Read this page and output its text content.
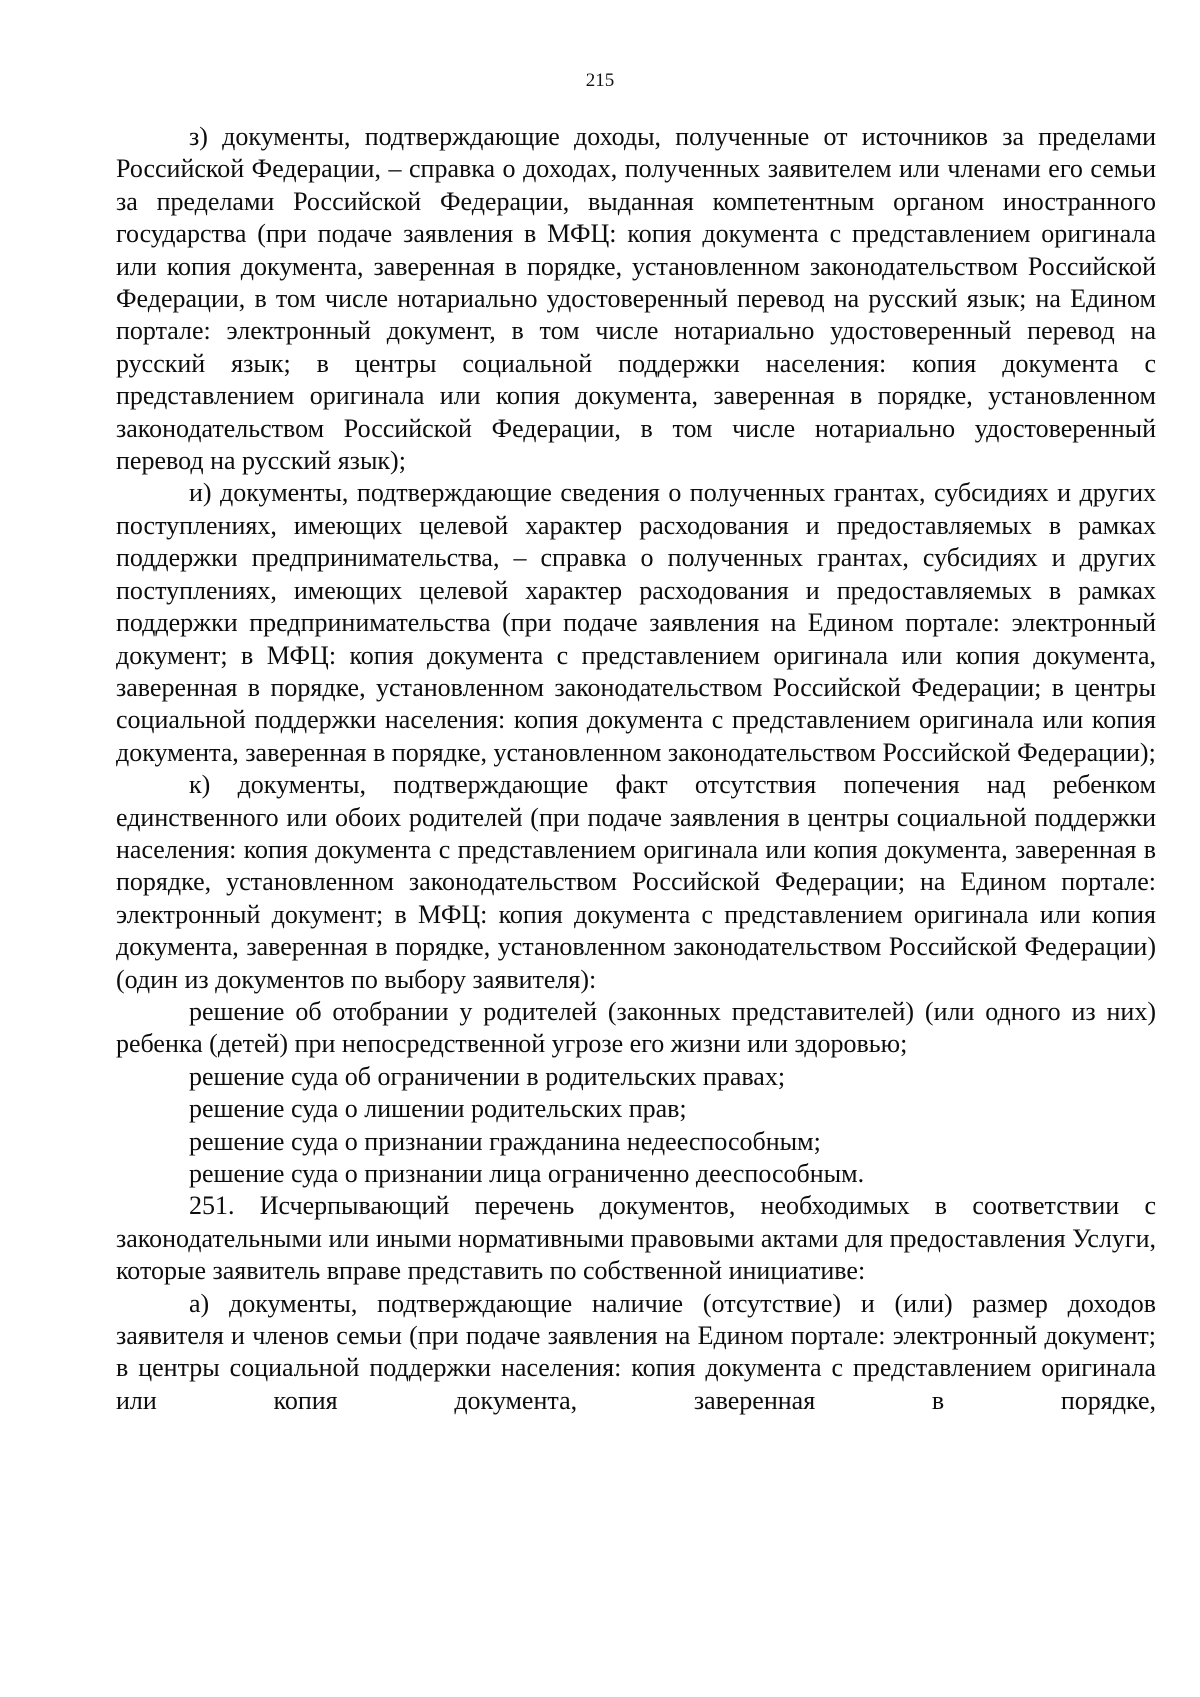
215

з) документы, подтверждающие доходы, полученные от источников за пределами Российской Федерации, – справка о доходах, полученных заявителем или членами его семьи за пределами Российской Федерации, выданная компетентным органом иностранного государства (при подаче заявления в МФЦ: копия документа с представлением оригинала или копия документа, заверенная в порядке, установленном законодательством Российской Федерации, в том числе нотариально удостоверенный перевод на русский язык; на Едином портале: электронный документ, в том числе нотариально удостоверенный перевод на русский язык; в центры социальной поддержки населения: копия документа с представлением оригинала или копия документа, заверенная в порядке, установленном законодательством Российской Федерации, в том числе нотариально удостоверенный перевод на русский язык);

и) документы, подтверждающие сведения о полученных грантах, субсидиях и других поступлениях, имеющих целевой характер расходования и предоставляемых в рамках поддержки предпринимательства, – справка о полученных грантах, субсидиях и других поступлениях, имеющих целевой характер расходования и предоставляемых в рамках поддержки предпринимательства (при подаче заявления на Едином портале: электронный документ; в МФЦ: копия документа с представлением оригинала или копия документа, заверенная в порядке, установленном законодательством Российской Федерации; в центры социальной поддержки населения: копия документа с представлением оригинала или копия документа, заверенная в порядке, установленном законодательством Российской Федерации);

к) документы, подтверждающие факт отсутствия попечения над ребенком единственного или обоих родителей (при подаче заявления в центры социальной поддержки населения: копия документа с представлением оригинала или копия документа, заверенная в порядке, установленном законодательством Российской Федерации; на Едином портале: электронный документ; в МФЦ: копия документа с представлением оригинала или копия документа, заверенная в порядке, установленном законодательством Российской Федерации) (один из документов по выбору заявителя):

решение об отобрании у родителей (законных представителей) (или одного из них) ребенка (детей) при непосредственной угрозе его жизни или здоровью;

решение суда об ограничении в родительских правах;

решение суда о лишении родительских прав;

решение суда о признании гражданина недееспособным;

решение суда о признании лица ограниченно дееспособным.

251. Исчерпывающий перечень документов, необходимых в соответствии с законодательными или иными нормативными правовыми актами для предоставления Услуги, которые заявитель вправе представить по собственной инициативе:

а) документы, подтверждающие наличие (отсутствие) и (или) размер доходов заявителя и членов семьи (при подаче заявления на Едином портале: электронный документ; в центры социальной поддержки населения: копия документа с представлением оригинала или копия документа, заверенная в порядке,
